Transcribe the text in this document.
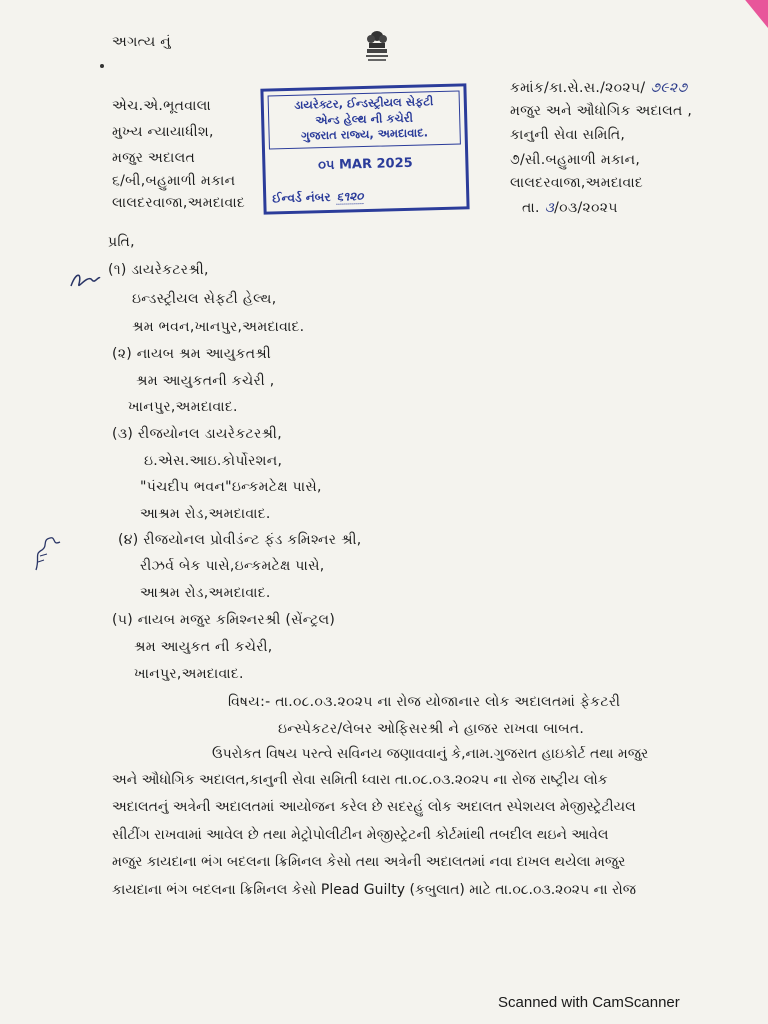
અગત્ય નું
એચ.એ.ભૂતવાલા
મુખ્ય ન્યાયાધીશ,
મજુર અદાલત
૬/બી,બહુમાળી મકાન
લાલદરવાજા,અમદાવાદ
ડાયરેક્ટર, ઈન્ડસ્ટ્રીયલ સેફટી
એન્ડ હેલ્થ ની કચેરી
ગુજરાત રાજ્ય, અમદાવાદ.
૦૫ MAR 2025
ઈન્વર્ડ નંબર ૬૧૨૦
કમાંક/કા.સે.સ./૨૦૨૫/ ૭૯૨૭
મજુર અને ઔધોગિક અદાલત ,
કાનુની સેવા સમિતિ,
૭/સી.બહુમાળી મકાન,
લાલદરવાજા,અમદાવાદ
તા. ૩/૦૩/૨૦૨૫
પ્રતિ,
(૧) ડાયરેકટરશ્રી,
ઇન્ડસ્ટ્રીયલ સેફટી હેલ્થ,
શ્રમ ભવન,ખાનપુર,અમદાવાદ.
(૨) નાયબ શ્રમ આયુકતશ્રી
શ્રમ આયુકતની કચેરી ,
ખાનપુર,અમદાવાદ.
(૩) રીજયોનલ ડાયરેકટરશ્રી,
ઇ.એસ.આઇ.કોર્પોરશન,
"પંચદીપ ભવન"ઇન્કમટેક્ષ પાસે,
આશ્રમ રોડ,અમદાવાદ.
(૪) રીજયોનલ પ્રોવીડંન્ટ ફંડ કમિશ્નર શ્રી,
રીઝર્વ બેક પાસે,ઇન્કમટેક્ષ પાસે,
આશ્રમ રોડ,અમદાવાદ.
(૫) નાયબ મજુર કમિશ્નરશ્રી (સેંન્ટ્રલ)
શ્રમ આયુકત ની કચેરી,
ખાનપુર,અમદાવાદ.
વિષય:- તા.૦૮.૦૩.૨૦૨૫ ના રોજ યોજાનાર લોક અદાલતમાં ફેકટરી
ઇન્સ્પેકટર/લેબર ઓફિસરશ્રી ને હાજર રાખવા બાબત.
ઉપરોકત વિષય પરત્વે સવિનય જણાવવાનું કે,નામ.ગુજરાત હાઇકોર્ટ તથા મજુર
અને ઔધોગિક અદાલત,કાનુની સેવા સમિતી ધ્વારા તા.૦૮.૦૩.૨૦૨૫ ના રોજ રાષ્ટ્રીય લોક
અદાલતનું અત્રેની અદાલતમાં આયોજન કરેલ છે સદરહું લોક અદાલત સ્પેશયલ મેજીસ્ટ્રેટીયલ
સીટીંગ રાખવામાં આવેલ છે તથા મેટ્રોપોલીટીન મેજીસ્ટ્રેટની કોર્ટમાંથી તબદીલ થઇને આવેલ
મજુર કાયદાના ભંગ બદલના ક્રિમિનલ કેસો તથા અત્રેની અદાલતમાં નવા દાખલ થયેલા મજુર
કાયદાના ભંગ બદલના ક્રિમિનલ કેસો Plead Guilty (કબુલાત) માટે તા.૦૮.૦૩.૨૦૨૫ ના રોજ
Scanned with CamScanner
